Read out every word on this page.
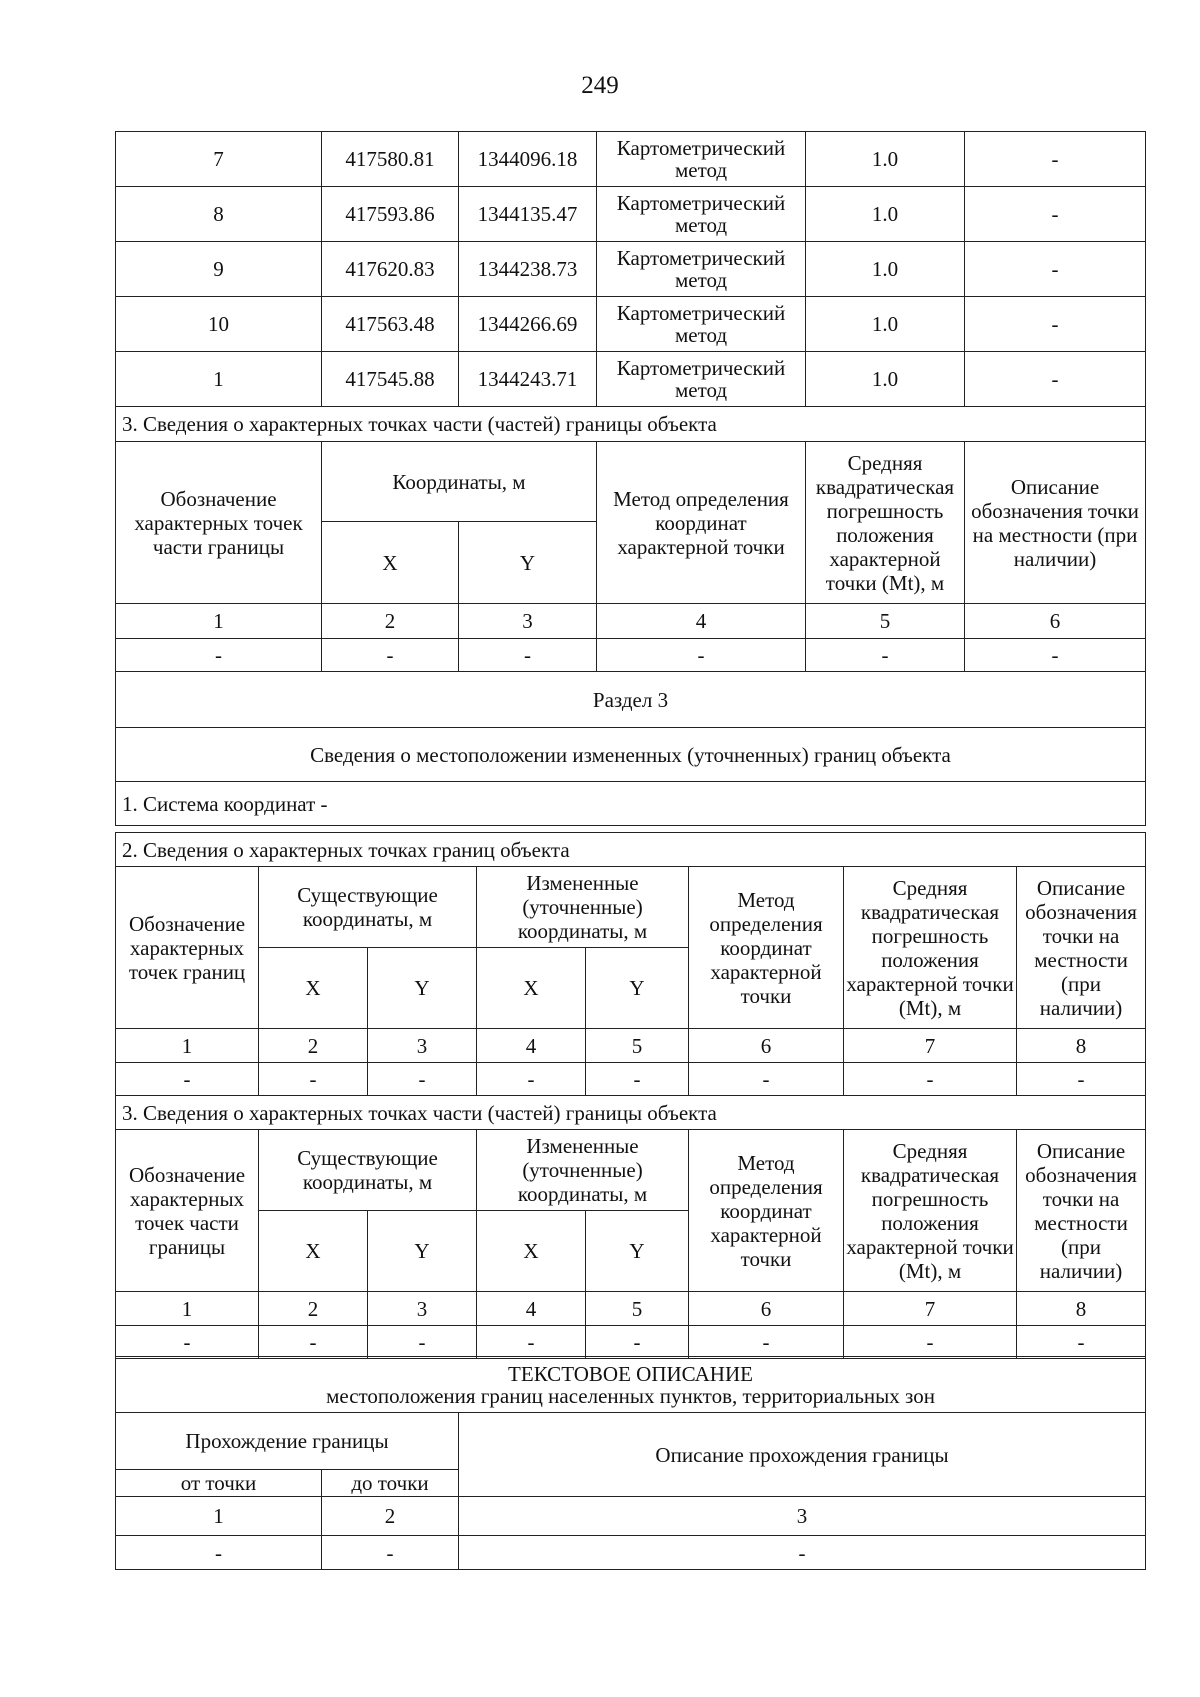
249
7	417580.81	1344096.18	Картометрический метод	1.0	-
8	417593.86	1344135.47	Картометрический метод	1.0	-
9	417620.83	1344238.73	Картометрический метод	1.0	-
10	417563.48	1344266.69	Картометрический метод	1.0	-
1	417545.88	1344243.71	Картометрический метод	1.0	-
3. Сведения о характерных точках части (частей) границы объекта					
Обозначение характерных точек части границы	Координаты, м		Метод определения координат характерной точки	Средняя квадратическая погрешность положения характерной точки (Mt), м	Описание обозначения точки на местности (при наличии)
	X	Y			
1	2	3	4	5	6
-	-	-	-	-	-
Раздел 3					
Сведения о местоположении измененных (уточненных) границ объекта					
1. Система координат -					
2. Сведения о характерных точках границ объекта							
Обозначение характерных точек границ	Существующие координаты, м		Измененные (уточненные) координаты, м		Метод определения координат характерной точки	Средняя квадратическая погрешность положения характерной точки (Mt), м	Описание обозначения точки на местности (при наличии)
	X	Y	X	Y			
1	2	3	4	5	6	7	8
-	-	-	-	-	-	-	-
3. Сведения о характерных точках части (частей) границы объекта							
Обозначение характерных точек части границы	Существующие координаты, м		Измененные (уточненные) координаты, м		Метод определения координат характерной точки	Средняя квадратическая погрешность положения характерной точки (Mt), м	Описание обозначения точки на местности (при наличии)
	X	Y	X	Y			
1	2	3	4	5	6	7	8
-	-	-	-	-	-	-	-
ТЕКСТОВОЕ ОПИСАНИЕ
местоположения границ населенных пунктов, территориальных зон		

Прохождение границы		Описание прохождения границы
от точки	до точки	
1	2	3
-	-	-
